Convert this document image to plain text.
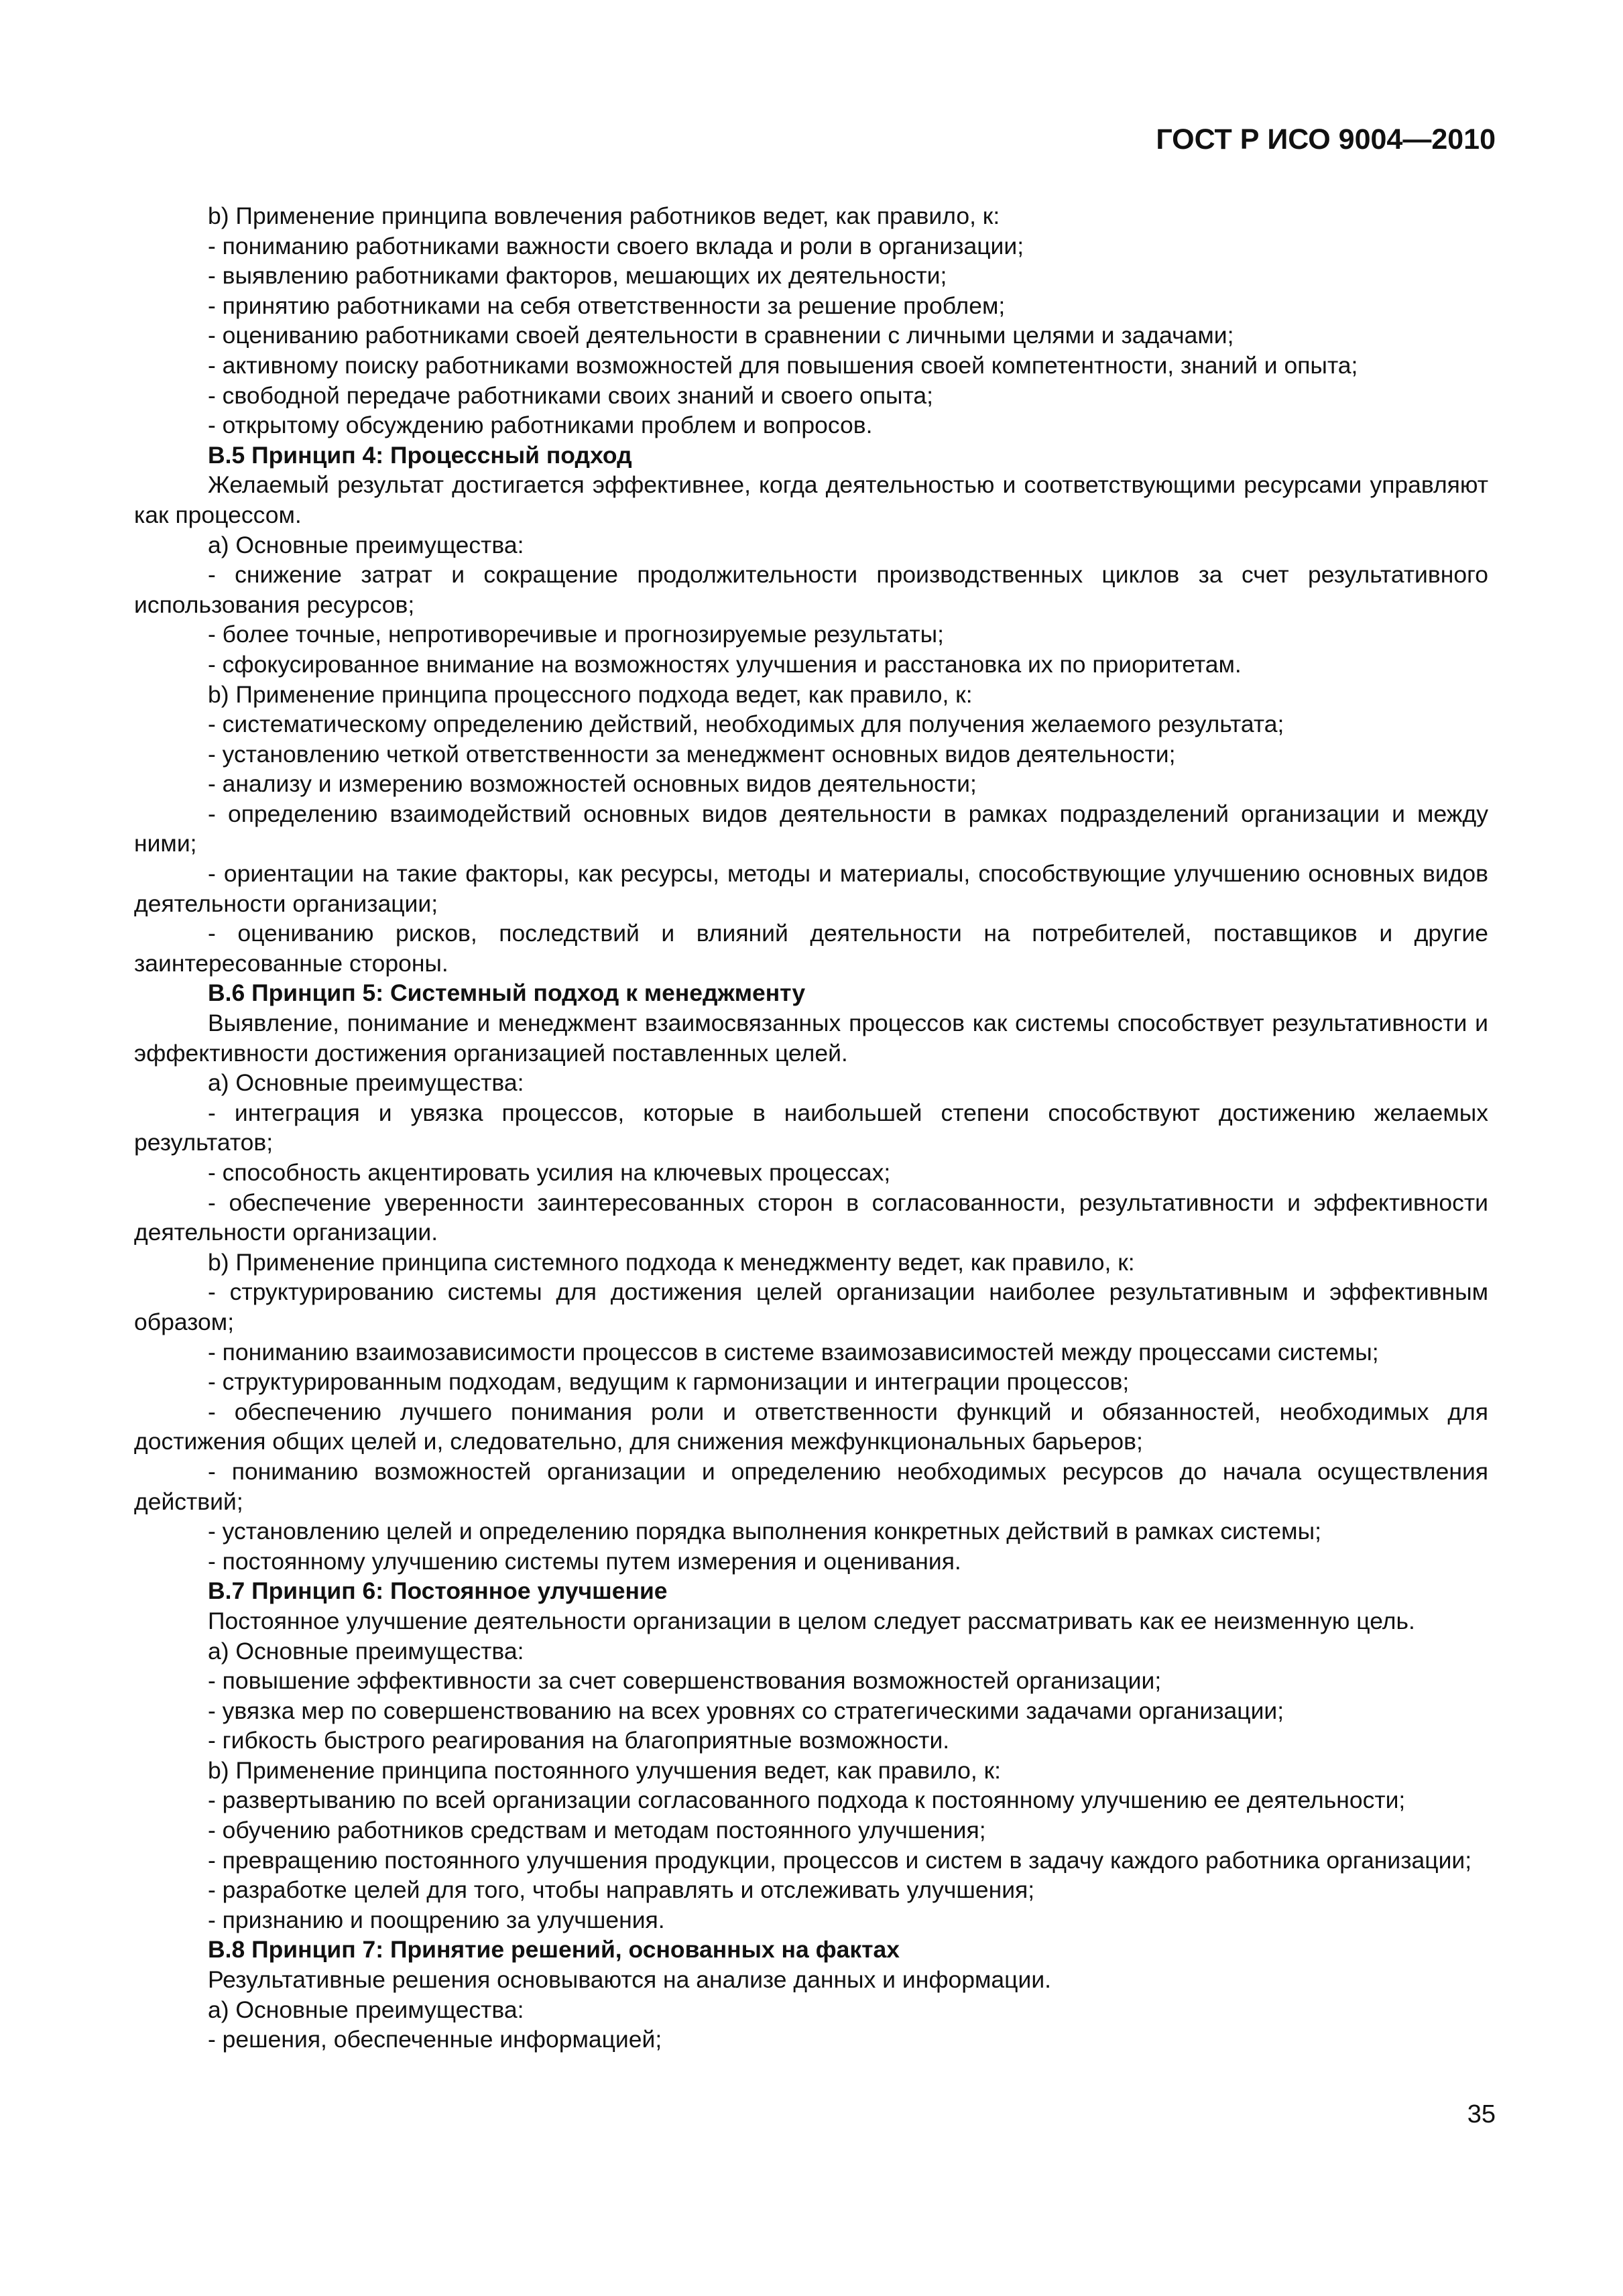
ГОСТ Р ИСО 9004—2010

b) Применение принципа вовлечения работников ведет, как правило, к:

- пониманию работниками важности своего вклада и роли в организации;

- выявлению работниками факторов, мешающих их деятельности;

- принятию работниками на себя ответственности за решение проблем;

- оцениванию работниками своей деятельности в сравнении с личными целями и задачами;

- активному поиску работниками возможностей для повышения своей компетентности, знаний и опыта;

- свободной передаче работниками своих знаний и своего опыта;

- открытому обсуждению работниками проблем и вопросов.

В.5 Принцип 4: Процессный подход

Желаемый результат достигается эффективнее, когда деятельностью и соответствующими ресурсами управляют как процессом.

а) Основные преимущества:

- снижение затрат и сокращение продолжительности производственных циклов за счет результативного использования ресурсов;

- более точные, непротиворечивые и прогнозируемые результаты;

- сфокусированное внимание на возможностях улучшения и расстановка их по приоритетам.

b) Применение принципа процессного подхода ведет, как правило, к:

- систематическому определению действий, необходимых для получения желаемого результата;

- установлению четкой ответственности за менеджмент основных видов деятельности;

- анализу и измерению возможностей основных видов деятельности;

- определению взаимодействий основных видов деятельности в рамках подразделений организации и между ними;

- ориентации на такие факторы, как ресурсы, методы и материалы, способствующие улучшению основных видов деятельности организации;

- оцениванию рисков, последствий и влияний деятельности на потребителей, поставщиков и другие заинтересованные стороны.

В.6 Принцип 5: Системный подход к менеджменту

Выявление, понимание и менеджмент взаимосвязанных процессов как системы способствует результативности и эффективности достижения организацией поставленных целей.

а) Основные преимущества:

- интеграция и увязка процессов, которые в наибольшей степени способствуют достижению желаемых результатов;

- способность акцентировать усилия на ключевых процессах;

- обеспечение уверенности заинтересованных сторон в согласованности, результативности и эффективности деятельности организации.

b) Применение принципа системного подхода к менеджменту ведет, как правило, к:

- структурированию системы для достижения целей организации наиболее результативным и эффективным образом;

- пониманию взаимозависимости процессов в системе взаимозависимостей между процессами системы;

- структурированным подходам, ведущим к гармонизации и интеграции процессов;

- обеспечению лучшего понимания роли и ответственности функций и обязанностей, необходимых для достижения общих целей и, следовательно, для снижения межфункциональных барьеров;

- пониманию возможностей организации и определению необходимых ресурсов до начала осуществления действий;

- установлению целей и определению порядка выполнения конкретных действий в рамках системы;

- постоянному улучшению системы путем измерения и оценивания.

В.7 Принцип 6: Постоянное улучшение

Постоянное улучшение деятельности организации в целом следует рассматривать как ее неизменную цель.

а) Основные преимущества:

- повышение эффективности за счет совершенствования возможностей организации;

- увязка мер по совершенствованию на всех уровнях со стратегическими задачами организации;

- гибкость быстрого реагирования на благоприятные возможности.

b) Применение принципа постоянного улучшения ведет, как правило, к:

- развертыванию по всей организации согласованного подхода к постоянному улучшению ее деятельности;

- обучению работников средствам и методам постоянного улучшения;

- превращению постоянного улучшения продукции, процессов и систем в задачу каждого работника организации;

- разработке целей для того, чтобы направлять и отслеживать улучшения;

- признанию и поощрению за улучшения.

В.8 Принцип 7: Принятие решений, основанных на фактах

Результативные решения основываются на анализе данных и информации.

а) Основные преимущества:

- решения, обеспеченные информацией;

35
